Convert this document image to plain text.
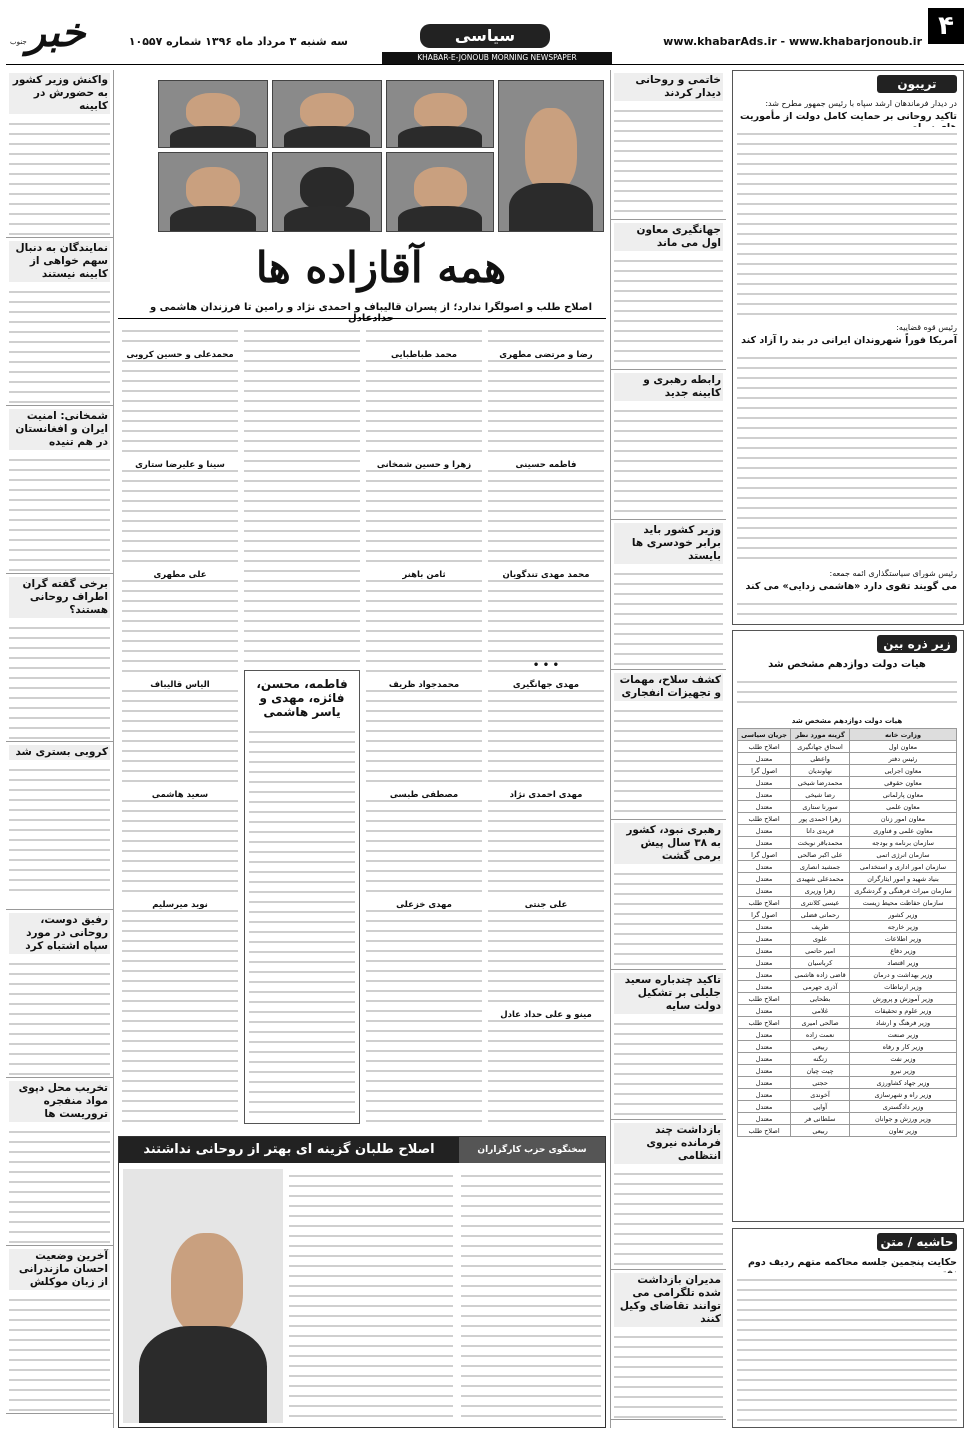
۴
www.khabarAds.ir - www.khabarjonoub.ir
سیاسی
سه شنبه ۳ مرداد ماه ۱۳۹۶ شماره ۱۰۵۵۷
خبر
جنوب
KHABAR-E-JONOUB MORNING NEWSPAPER
تریبون
در دیدار فرماندهان ارشد سپاه با رئیس جمهور مطرح شد:
تاکید روحانی بر حمایت کامل دولت از مأموریت
رئیس قوه قضاییه:
آمریکا فوراً شهروندان ایرانی در بند را آزاد کند
رئیس شورای سیاستگذاری ائمه جمعه:
می گویند تقوی دارد «هاشمی زدایی» می کند
زیر ذره بین
هیات دولت دوازدهم مشخص شد
هیات دولت دوازدهم مشخص شد
وزارت خانه	گزینه مورد نظر	جریان سیاسی
معاون اول	اسحاق جهانگیری	اصلاح طلب
رئیس دفتر	واعظی	معتدل
معاون اجرایی	نهاوندیان	اصول گرا
معاون حقوقی	محمدرضا شیخی	معتدل
معاون پارلمانی	رضا شیخی	معتدل
معاون علمی	سورنا ستاری	معتدل
معاون امور زنان	زهرا احمدی پور	اصلاح طلب
معاون علمی و فناوری	فریدی دانا	معتدل
سازمان برنامه و بودجه	محمدباقر نوبخت	معتدل
سازمان انرژی اتمی	علی اکبر صالحی	اصول گرا
سازمان امور اداری و استخدامی	جمشید انصاری	معتدل
بنیاد شهید و امور ایثارگران	محمدعلی شهیدی	معتدل
سازمان میراث فرهنگی و گردشگری	زهرا وزیری	معتدل
سازمان حفاظت محیط زیست	عیسی کلانتری	اصلاح طلب
وزیر کشور	رحمانی فضلی	اصول گرا
وزیر خارجه	ظریف	معتدل
وزیر اطلاعات	علوی	معتدل
وزیر دفاع	امیر حاتمی	معتدل
وزیر اقتصاد	کرباسیان	معتدل
وزیر بهداشت و درمان	قاضی زاده هاشمی	معتدل
وزیر ارتباطات	آذری جهرمی	معتدل
وزیر آموزش و پرورش	بطحایی	اصلاح طلب
وزیر علوم و تحقیقات	غلامی	معتدل
وزیر فرهنگ و ارشاد	صالحی امیری	اصلاح طلب
وزیر صنعت	نعمت زاده	معتدل
وزیر کار و رفاه	ربیعی	معتدل
وزیر نفت	زنگنه	معتدل
وزیر نیرو	چیت چیان	معتدل
وزیر جهاد کشاورزی	حجتی	معتدل
وزیر راه و شهرسازی	آخوندی	معتدل
وزیر دادگستری	آوایی	معتدل
وزیر ورزش و جوانان	سلطانی فر	معتدل
وزیر تعاون	ربیعی	اصلاح طلب
حاشیه / متن
حکایت پنجمین جلسه محاکمه متهم ردیف دوم
خاتمی و روحانی دیدار کردند
جهانگیری معاون اول می ماند
رابطه رهبری و کابینه جدید
وزیر کشور باید برابر خودسری ها بایستد
کشف سلاح، مهمات و تجهیزات انفجاری
رهبری نبود، کشور به ۳۸ سال پیش برمی گشت
تاکید چندباره سعید جلیلی بر تشکیل دولت سایه
بازداشت چند فرمانده نیروی انتظامی
مدیران بازداشت شده تلگرامی می توانند تقاضای وکیل کنند
همه آقازاده ها
اصلاح طلب و اصولگرا ندارد؛ از پسران قالیباف و احمدی نژاد و رامین تا فرزندان هاشمی و حدادعادل
فاطمه، محسن، فائزه، مهدی و یاسر هاشمی
• • •
رضا و مرتضی مطهری
محمد طباطبایی
محمدعلی و حسین کروبی
فاطمه حسینی
زهرا و حسین شمخانی
سینا و علیرضا ستاری
محمد مهدی تندگویان
ثامن باهنر
علی مطهری
مهدی جهانگیری
محمدجواد ظریف
الیاس قالیباف
مهدی احمدی نژاد
مصطفی طبسی
سعید هاشمی
علی جنتی
مهدی خزعلی
نوید میرسلیم
مینو و علی حداد عادل
اصلاح طلبان گزینه ای بهتر از روحانی نداشتند	سخنگوی حزب کارگزاران
واکنش وزیر کشور به حضورش در کابینه
نمایندگان به دنبال سهم خواهی از کابینه نیستند
شمخانی: امنیت ایران و افغانستان در هم تنیده
برخی گفته گران اطراف روحانی هستند؟
کروبی بستری شد
رفیق دوست، روحانی در مورد سپاه اشتباه کرد
تخریب محل دپوی مواد منفجره تروریست ها
آخرین وضعیت احسان مازندرانی از زبان موکلش
